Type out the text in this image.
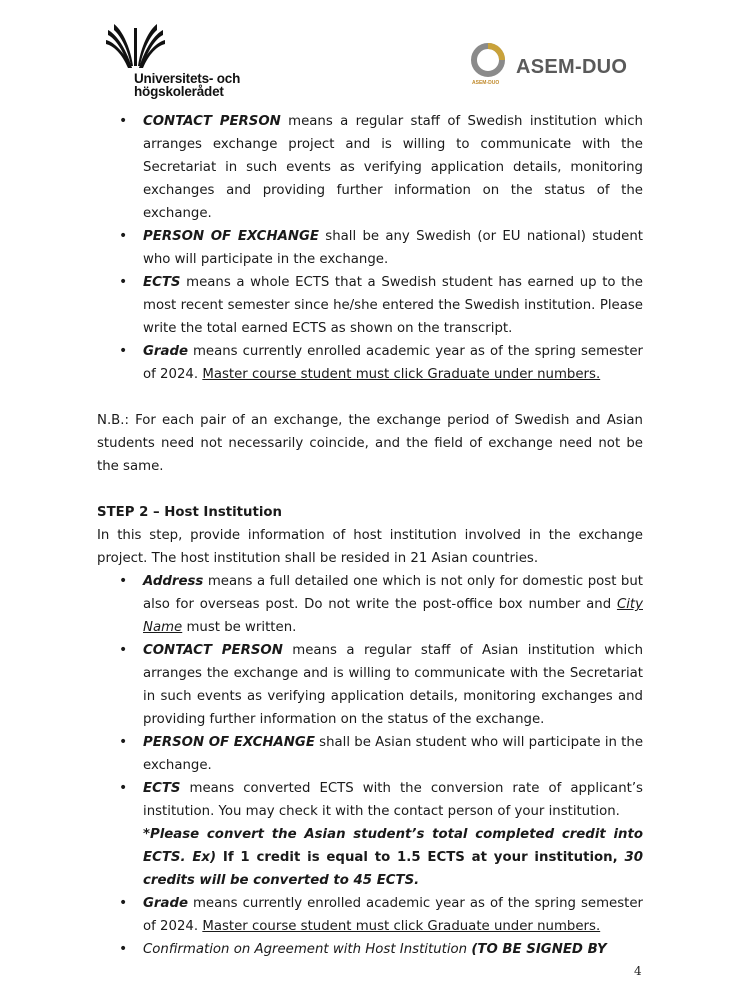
Universitets- och
högskolerådet
ASEM-DUO
ASEM-DUO
• CONTACT PERSON means a regular staff of Swedish institution which arranges exchange project and is willing to communicate with the Secretariat in such events as verifying application details, monitoring exchanges and providing further information on the status of the exchange.
• PERSON OF EXCHANGE shall be any Swedish (or EU national) student who will participate in the exchange.
• ECTS means a whole ECTS that a Swedish student has earned up to the most recent semester since he/she entered the Swedish institution. Please write the total earned ECTS as shown on the transcript.
• Grade means currently enrolled academic year as of the spring semester of 2024. Master course student must click Graduate under numbers.

N.B.: For each pair of an exchange, the exchange period of Swedish and Asian students need not necessarily coincide, and the field of exchange need not be the same.

STEP 2 – Host Institution

In this step, provide information of host institution involved in the exchange project. The host institution shall be resided in 21 Asian countries.

• Address means a full detailed one which is not only for domestic post but also for overseas post. Do not write the post-office box number and City Name must be written.
• CONTACT PERSON means a regular staff of Asian institution which arranges the exchange and is willing to communicate with the Secretariat in such events as verifying application details, monitoring exchanges and providing further information on the status of the exchange.
• PERSON OF EXCHANGE shall be Asian student who will participate in the exchange.
• ECTS means converted ECTS with the conversion rate of applicant’s institution. You may check it with the contact person of your institution.
*Please convert the Asian student’s total completed credit into ECTS. Ex) If 1 credit is equal to 1.5 ECTS at your institution, 30 credits will be converted to 45 ECTS.
• Grade means currently enrolled academic year as of the spring semester of 2024. Master course student must click Graduate under numbers.
• Confirmation on Agreement with Host Institution (TO BE SIGNED BY
4
